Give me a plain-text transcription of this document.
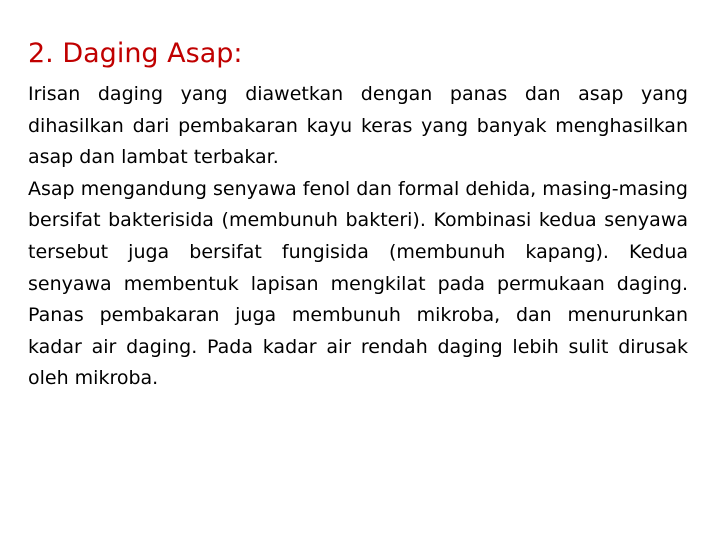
2. Daging Asap:

Irisan daging yang diawetkan dengan panas dan asap yang dihasilkan dari pembakaran kayu keras yang banyak menghasilkan asap dan lambat terbakar.

Asap mengandung senyawa fenol dan formal dehida, masing-masing bersifat bakterisida (membunuh bakteri). Kombinasi kedua senyawa tersebut juga bersifat fungisida (membunuh kapang). Kedua senyawa membentuk lapisan mengkilat pada permukaan daging. Panas pembakaran juga membunuh mikroba, dan menurunkan kadar air daging. Pada kadar air rendah daging lebih sulit dirusak oleh mikroba.
